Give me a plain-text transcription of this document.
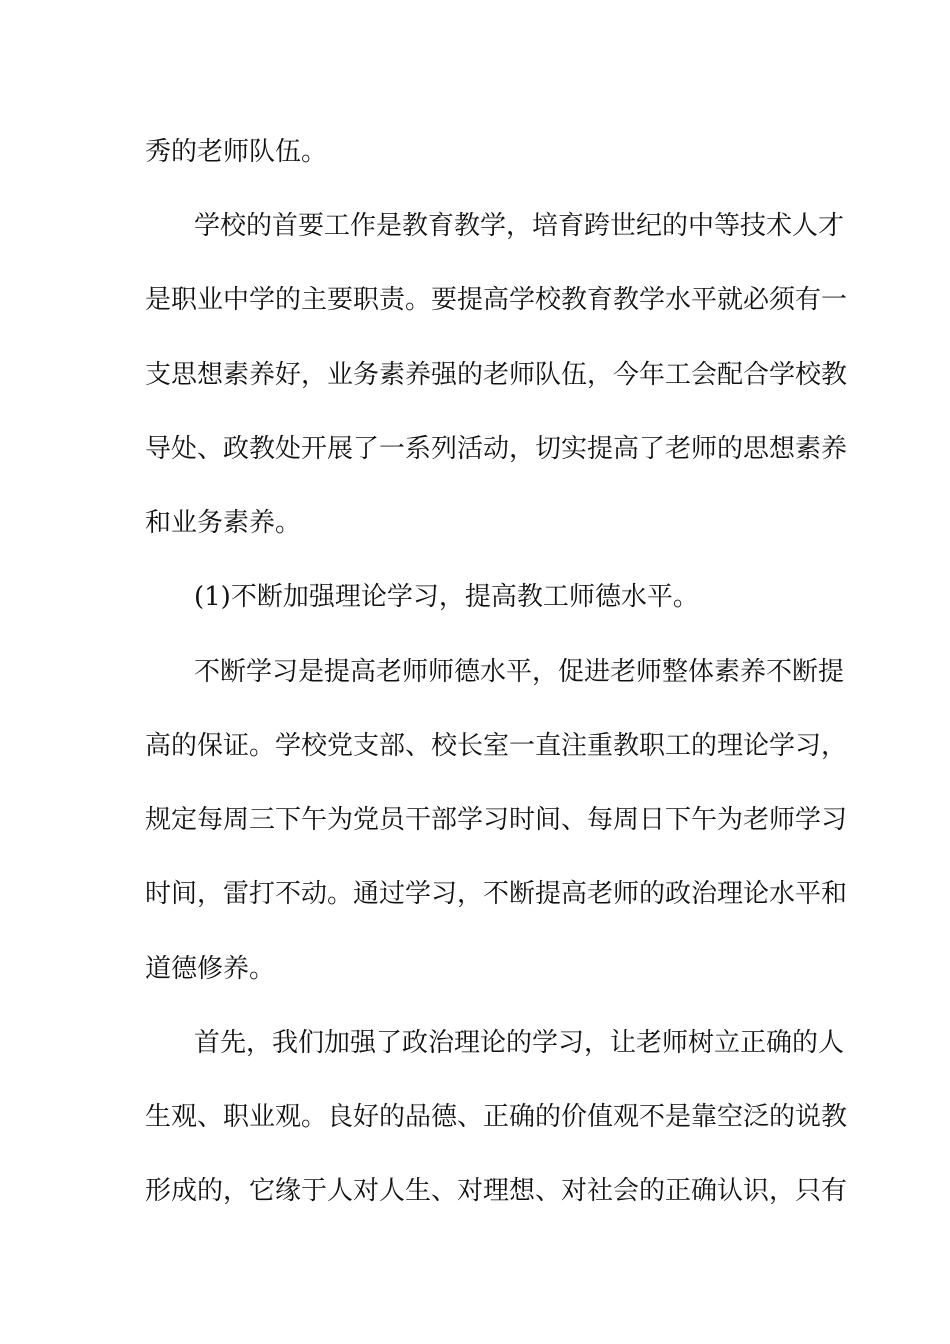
秀的老师队伍。
学校的首要工作是教育教学，培育跨世纪的中等技术人才
是职业中学的主要职责。要提高学校教育教学水平就必须有一
支思想素养好，业务素养强的老师队伍，今年工会配合学校教
导处、政教处开展了一系列活动，切实提高了老师的思想素养
和业务素养。
(1)不断加强理论学习，提高教工师德水平。
不断学习是提高老师师德水平，促进老师整体素养不断提
高的保证。学校党支部、校长室一直注重教职工的理论学习，
规定每周三下午为党员干部学习时间、每周日下午为老师学习
时间，雷打不动。通过学习，不断提高老师的政治理论水平和
道德修养。
首先，我们加强了政治理论的学习，让老师树立正确的人
生观、职业观。良好的品德、正确的价值观不是靠空泛的说教
形成的，它缘于人对人生、对理想、对社会的正确认识，只有
